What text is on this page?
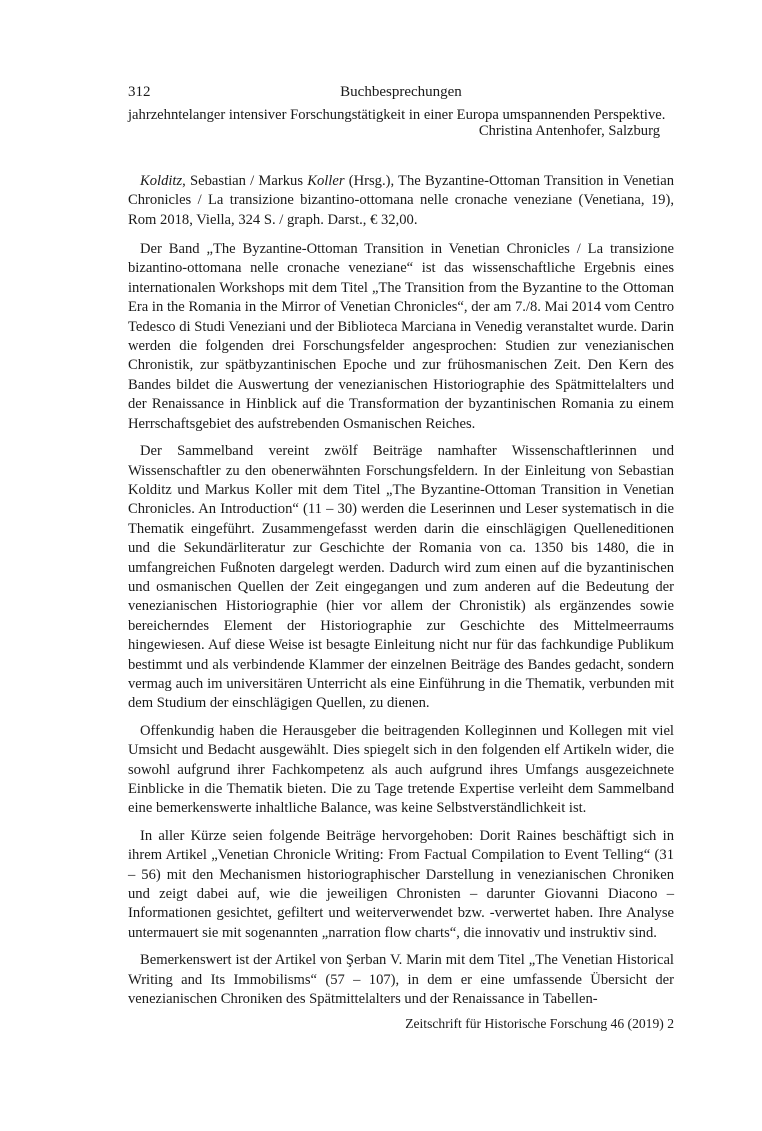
312	Buchbesprechungen

jahrzehntelanger intensiver Forschungstätigkeit in einer Europa umspannenden Perspektive.

Christina Antenhofer, Salzburg

Kolditz, Sebastian / Markus Koller (Hrsg.), The Byzantine-Ottoman Transition in Venetian Chronicles / La transizione bizantino-ottomana nelle cronache veneziane (Venetiana, 19), Rom 2018, Viella, 324 S. / graph. Darst., € 32,00.

Der Band „The Byzantine-Ottoman Transition in Venetian Chronicles / La transizione bizantino-ottomana nelle cronache veneziane“ ist das wissenschaftliche Ergebnis eines internationalen Workshops mit dem Titel „The Transition from the Byzantine to the Ottoman Era in the Romania in the Mirror of Venetian Chronicles“, der am 7./8. Mai 2014 vom Centro Tedesco di Studi Veneziani und der Biblioteca Marciana in Venedig veranstaltet wurde. Darin werden die folgenden drei Forschungsfelder angesprochen: Studien zur venezianischen Chronistik, zur spätbyzantinischen Epoche und zur frühosmanischen Zeit. Den Kern des Bandes bildet die Auswertung der venezianischen Historiographie des Spätmittelalters und der Renaissance in Hinblick auf die Transformation der byzantinischen Romania zu einem Herrschaftsgebiet des aufstrebenden Osmanischen Reiches.

Der Sammelband vereint zwölf Beiträge namhafter Wissenschaftlerinnen und Wissenschaftler zu den obenerwähnten Forschungsfeldern. In der Einleitung von Sebastian Kolditz und Markus Koller mit dem Titel „The Byzantine-Ottoman Transition in Venetian Chronicles. An Introduction“ (11 – 30) werden die Leserinnen und Leser systematisch in die Thematik eingeführt. Zusammengefasst werden darin die einschlägigen Quelleneditionen und die Sekundärliteratur zur Geschichte der Romania von ca. 1350 bis 1480, die in umfangreichen Fußnoten dargelegt werden. Dadurch wird zum einen auf die byzantinischen und osmanischen Quellen der Zeit eingegangen und zum anderen auf die Bedeutung der venezianischen Historiographie (hier vor allem der Chronistik) als ergänzendes sowie bereicherndes Element der Historiographie zur Geschichte des Mittelmeerraums hingewiesen. Auf diese Weise ist besagte Einleitung nicht nur für das fachkundige Publikum bestimmt und als verbindende Klammer der einzelnen Beiträge des Bandes gedacht, sondern vermag auch im universitären Unterricht als eine Einführung in die Thematik, verbunden mit dem Studium der einschlägigen Quellen, zu dienen.

Offenkundig haben die Herausgeber die beitragenden Kolleginnen und Kollegen mit viel Umsicht und Bedacht ausgewählt. Dies spiegelt sich in den folgenden elf Artikeln wider, die sowohl aufgrund ihrer Fachkompetenz als auch aufgrund ihres Umfangs ausgezeichnete Einblicke in die Thematik bieten. Die zu Tage tretende Expertise verleiht dem Sammelband eine bemerkenswerte inhaltliche Balance, was keine Selbstverständlichkeit ist.

In aller Kürze seien folgende Beiträge hervorgehoben: Dorit Raines beschäftigt sich in ihrem Artikel „Venetian Chronicle Writing: From Factual Compilation to Event Telling“ (31 – 56) mit den Mechanismen historiographischer Darstellung in venezianischen Chroniken und zeigt dabei auf, wie die jeweiligen Chronisten – darunter Giovanni Diacono – Informationen gesichtet, gefiltert und weiterverwendet bzw. -verwertet haben. Ihre Analyse untermauert sie mit sogenannten „narration flow charts“, die innovativ und instruktiv sind.

Bemerkenswert ist der Artikel von Şerban V. Marin mit dem Titel „The Venetian Historical Writing and Its Immobilisms“ (57 – 107), in dem er eine umfassende Übersicht der venezianischen Chroniken des Spätmittelalters und der Renaissance in Tabellen-

Zeitschrift für Historische Forschung 46 (2019) 2
